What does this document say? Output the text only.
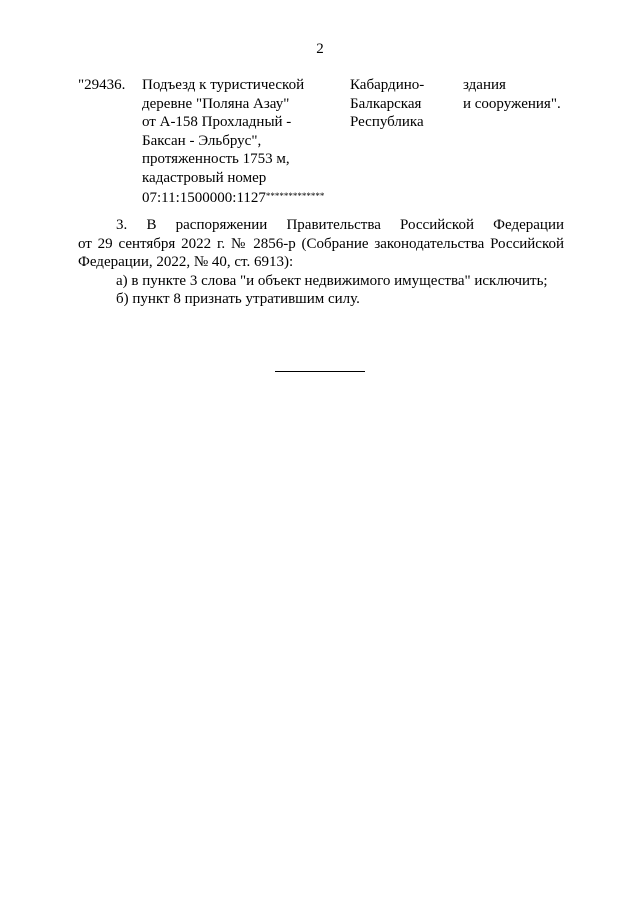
2
"29436. Подъезд к туристической
деревне "Поляна Азау"
от А-158 Прохладный -
Баксан - Эльбрус",
протяженность 1753 м,
кадастровый номер
07:11:1500000:1127*************
Кабардино-
Балкарская
Республика
здания
и сооружения".

3. В распоряжении Правительства Российской Федерации

от 29 сентября 2022 г. № 2856-р (Собрание законодательства Российской

Федерации, 2022, № 40, ст. 6913):

а) в пункте 3 слова "и объект недвижимого имущества" исключить;

б) пункт 8 признать утратившим силу.
